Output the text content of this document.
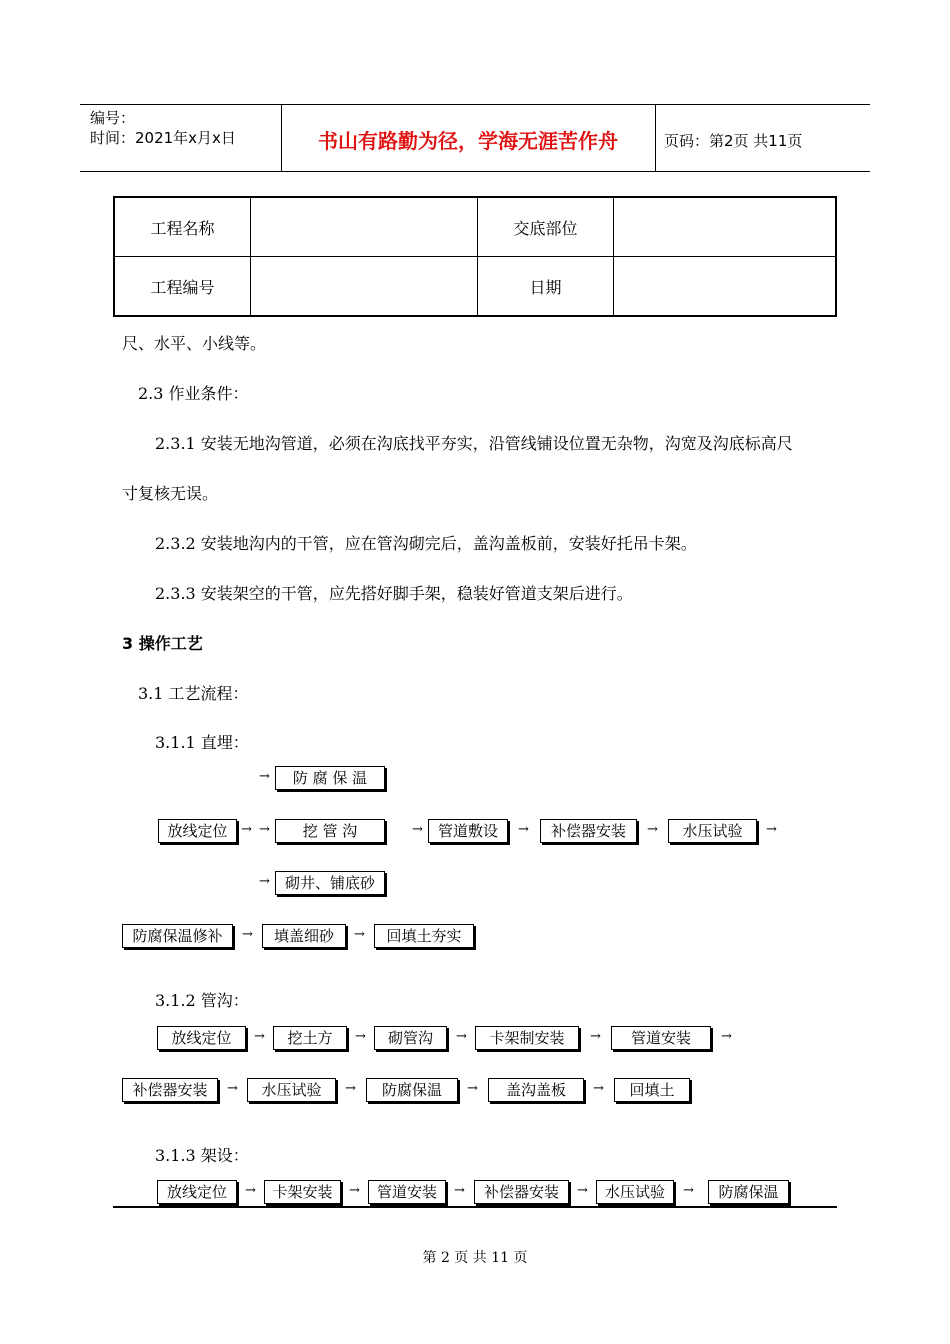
编号：
时间：2021年x月x日	书山有路勤为径，学海无涯苦作舟	页码：第2页 共11页
工程名称		交底部位	
工程编号		日期	
尺、水平、小线等。
2.3 作业条件：
2.3.1 安装无地沟管道，必须在沟底找平夯实，沿管线铺设位置无杂物，沟宽及沟底标高尺
寸复核无误。
2.3.2 安装地沟内的干管，应在管沟砌完后，盖沟盖板前，安装好托吊卡架。
2.3.3 安装架空的干管，应先搭好脚手架，稳装好管道支架后进行。
3 操作工艺
3.1 工艺流程：
3.1.1 直埋：
→	防 腐 保 温
放线定位	→ →	挖 管 沟	→	管道敷设	→	补偿器安装	→	水压试验	→
→	砌井、铺底砂
防腐保温修补	→	填盖细砂	→	回填土夯实
3.1.2 管沟：
放线定位	→	挖土方	→	砌管沟	→	卡架制安装	→	管道安装	→
补偿器安装	→	水压试验	→	防腐保温	→	盖沟盖板	→	回填土
3.1.3 架设：
放线定位	→	卡架安装	→	管道安装	→	补偿器安装	→	水压试验	→	防腐保温
第 2 页 共 11 页
